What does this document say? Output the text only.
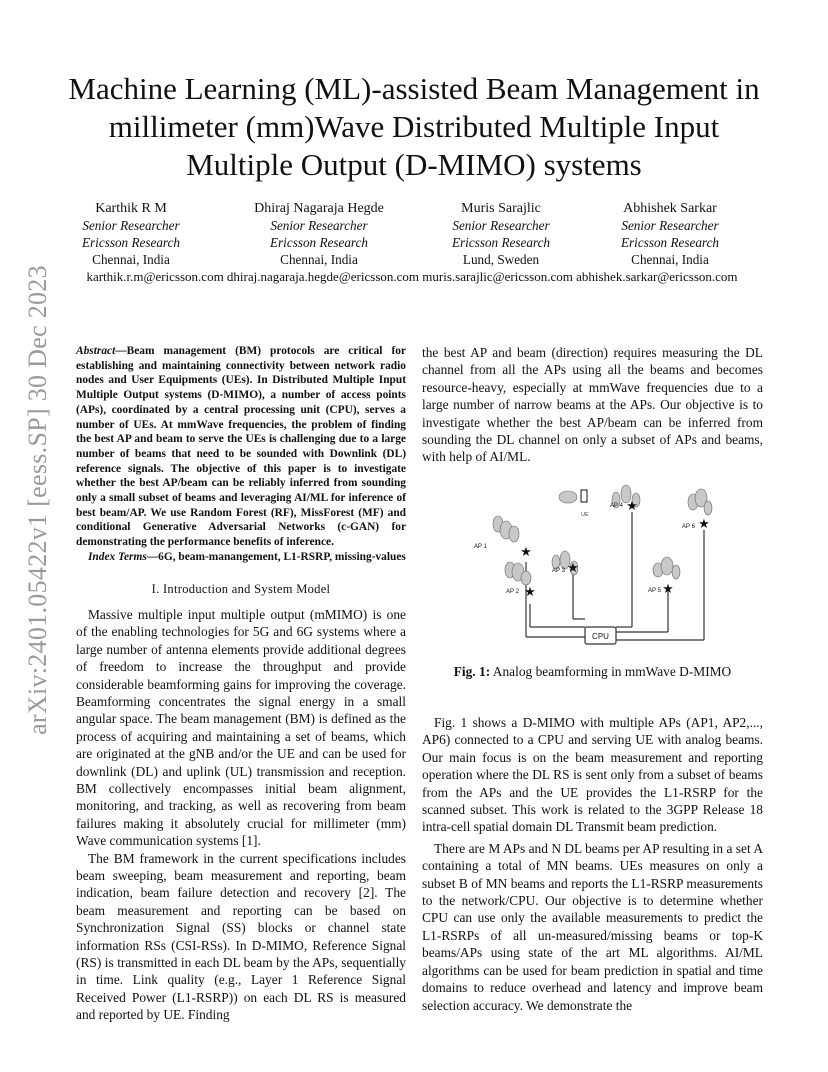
arXiv:2401.05422v1 [eess.SP] 30 Dec 2023
Machine Learning (ML)-assisted Beam Management in millimeter (mm)Wave Distributed Multiple Input Multiple Output (D-MIMO) systems
Karthik R M
Senior Researcher
Ericsson Research
Chennai, India
Dhiraj Nagaraja Hegde
Senior Researcher
Ericsson Research
Chennai, India
Muris Sarajlic
Senior Researcher
Ericsson Research
Lund, Sweden
Abhishek Sarkar
Senior Researcher
Ericsson Research
Chennai, India
karthik.r.m@ericsson.com dhiraj.nagaraja.hegde@ericsson.com muris.sarajlic@ericsson.com abhishek.sarkar@ericsson.com
Abstract—Beam management (BM) protocols are critical for establishing and maintaining connectivity between network radio nodes and User Equipments (UEs). In Distributed Multiple Input Multiple Output systems (D-MIMO), a number of access points (APs), coordinated by a central processing unit (CPU), serves a number of UEs. At mmWave frequencies, the problem of finding the best AP and beam to serve the UEs is challenging due to a large number of beams that need to be sounded with Downlink (DL) reference signals. The objective of this paper is to investigate whether the best AP/beam can be reliably inferred from sounding only a small subset of beams and leveraging AI/ML for inference of best beam/AP. We use Random Forest (RF), MissForest (MF) and conditional Generative Adversarial Networks (c-GAN) for demonstrating the performance benefits of inference.
Index Terms—6G, beam-manangement, L1-RSRP, missing-values
I. Introduction and System Model

Massive multiple input multiple output (mMIMO) is one of the enabling technologies for 5G and 6G systems where a large number of antenna elements provide additional degrees of freedom to increase the throughput and provide considerable beamforming gains for improving the coverage. Beamforming concentrates the signal energy in a small angular space. The beam management (BM) is defined as the process of acquiring and maintaining a set of beams, which are originated at the gNB and/or the UE and can be used for downlink (DL) and uplink (UL) transmission and reception. BM collectively encompasses initial beam alignment, monitoring, and tracking, as well as recovering from beam failures making it absolutely crucial for millimeter (mm) Wave communication systems [1].

The BM framework in the current specifications includes beam sweeping, beam measurement and reporting, beam indication, beam failure detection and recovery [2]. The beam measurement and reporting can be based on Synchronization Signal (SS) blocks or channel state information RSs (CSI-RSs). In D-MIMO, Reference Signal (RS) is transmitted in each DL beam by the APs, sequentially in time. Link quality (e.g., Layer 1 Reference Signal Received Power (L1-RSRP)) on each DL RS is measured and reported by UE. Finding

the best AP and beam (direction) requires measuring the DL channel from all the APs using all the beams and becomes resource-heavy, especially at mmWave frequencies due to a large number of narrow beams at the APs. Our objective is to investigate whether the best AP/beam can be inferred from sounding the DL channel on only a subset of APs and beams, with help of AI/ML.

CPU
UE
★
AP 1
★
AP 2
★
AP 3
★
AP 4
★
AP 5
★
AP 6
Fig. 1: Analog beamforming in mmWave D-MIMO

Fig. 1 shows a D-MIMO with multiple APs (AP1, AP2,..., AP6) connected to a CPU and serving UE with analog beams. Our main focus is on the beam measurement and reporting operation where the DL RS is sent only from a subset of beams from the APs and the UE provides the L1-RSRP for the scanned subset. This work is related to the 3GPP Release 18 intra-cell spatial domain DL Transmit beam prediction.

There are M APs and N DL beams per AP resulting in a set A containing a total of MN beams. UEs measures on only a subset B of MN beams and reports the L1-RSRP measurements to the network/CPU. Our objective is to determine whether CPU can use only the available measurements to predict the L1-RSRPs of all un-measured/missing beams or top-K beams/APs using state of the art ML algorithms. AI/ML algorithms can be used for beam prediction in spatial and time domains to reduce overhead and latency and improve beam selection accuracy. We demonstrate the
